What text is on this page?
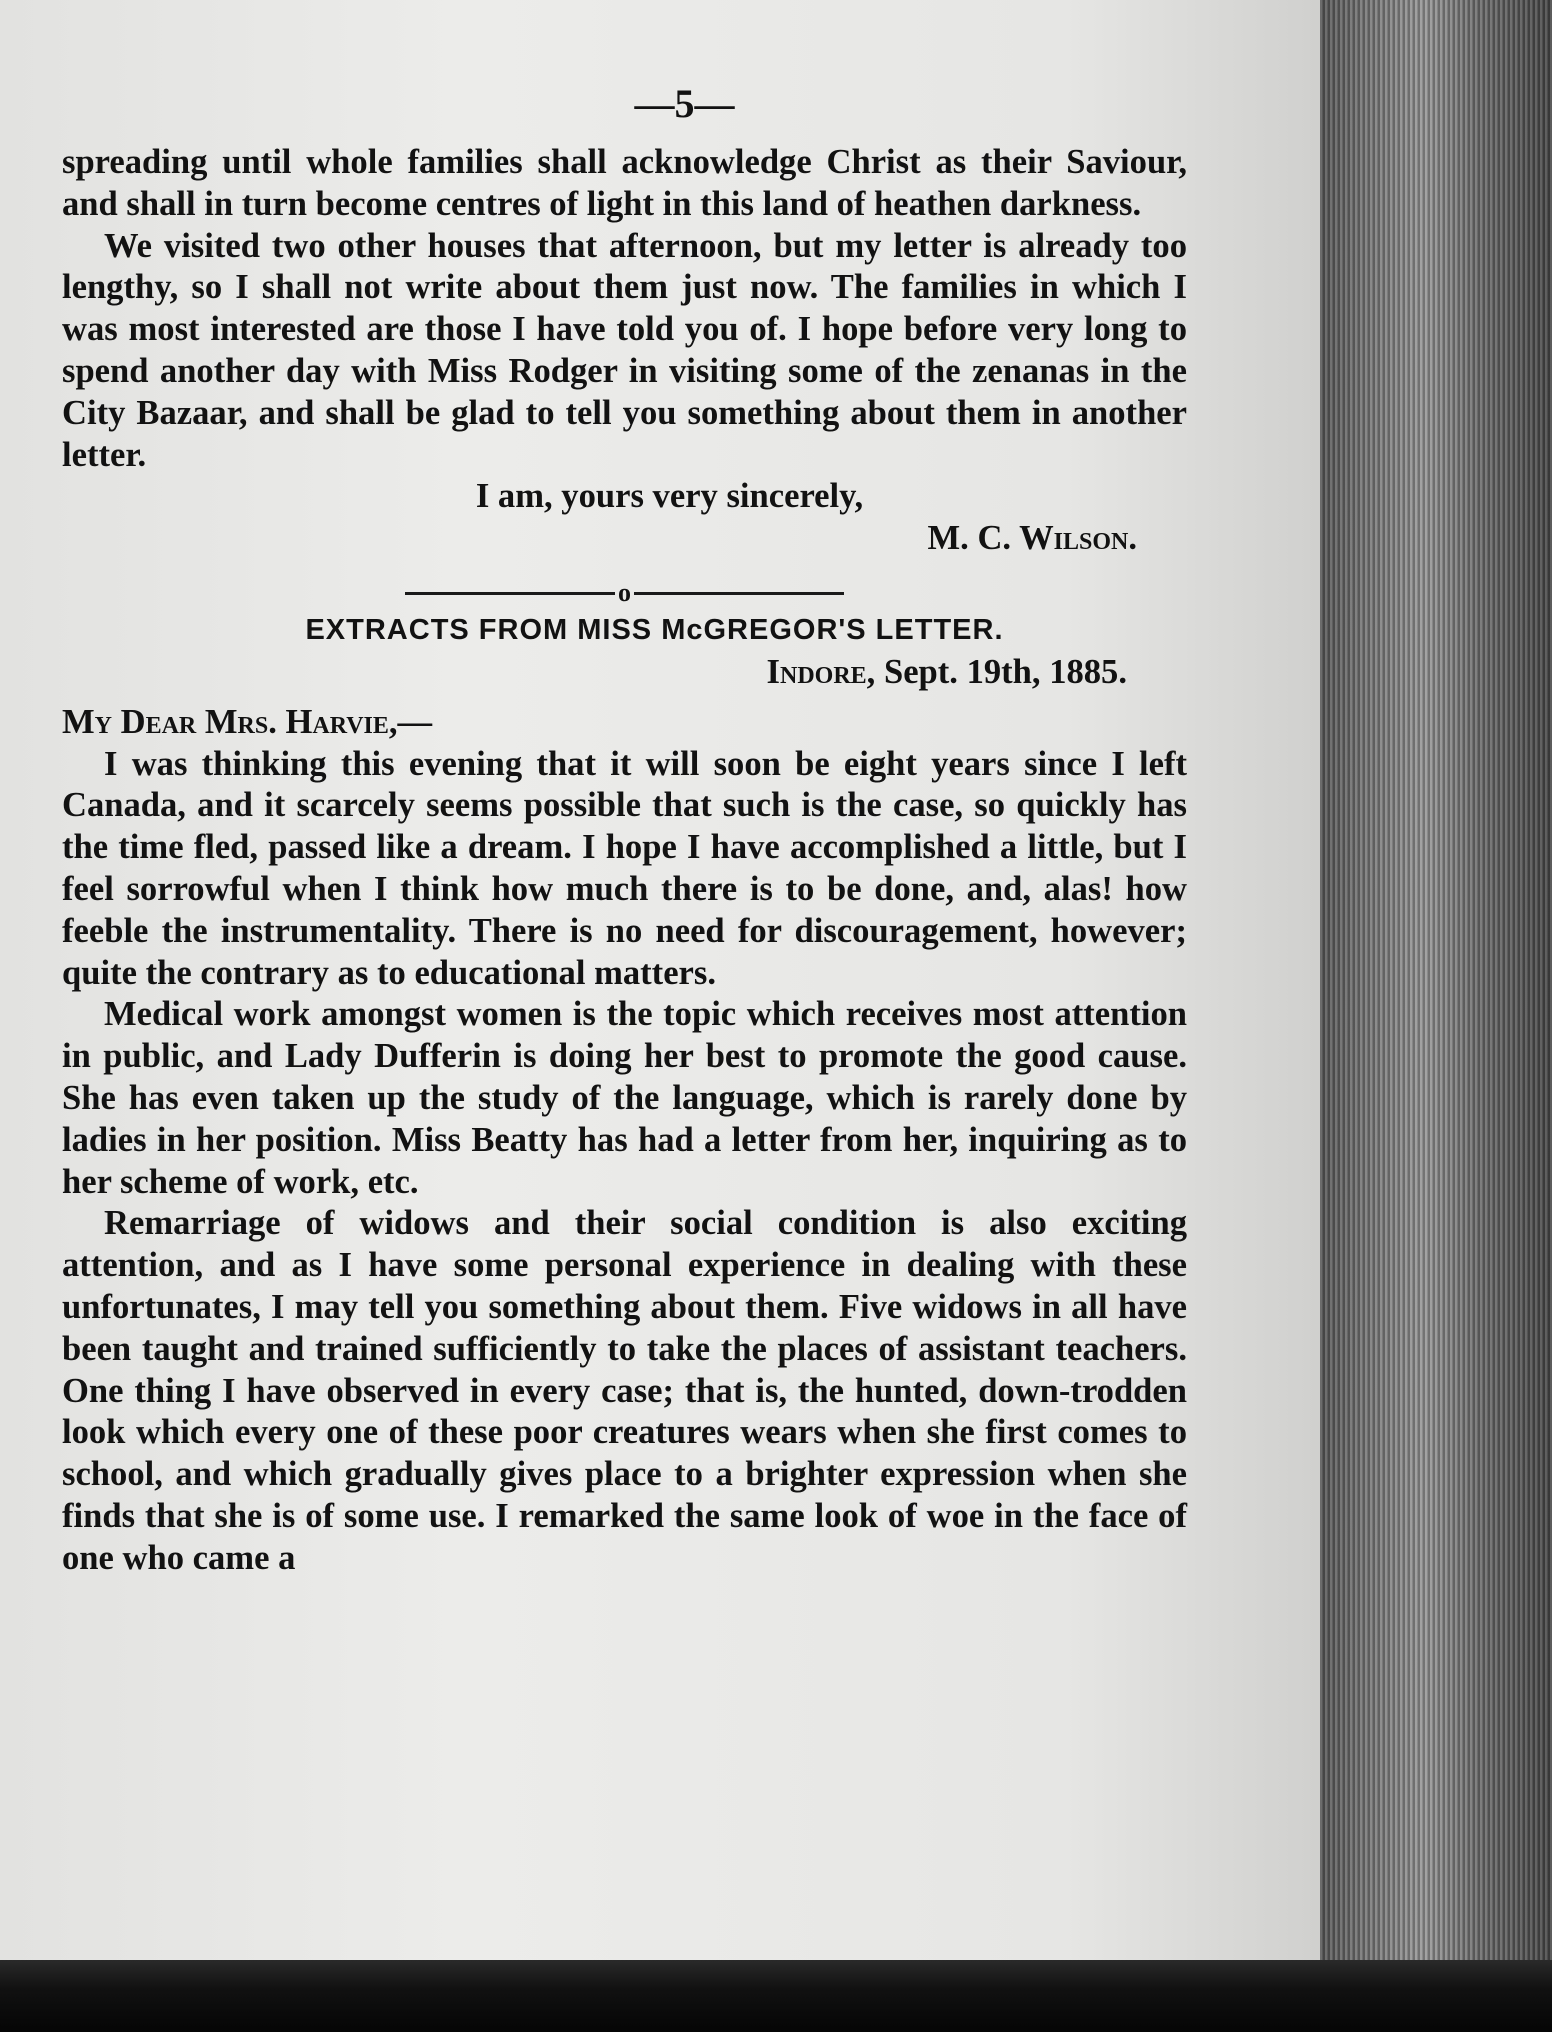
—5—

spreading until whole families shall acknowledge Christ as their Saviour, and shall in turn become centres of light in this land of heathen darkness.

We visited two other houses that afternoon, but my letter is already too lengthy, so I shall not write about them just now. The families in which I was most interested are those I have told you of. I hope before very long to spend another day with Miss Rodger in visiting some of the zenanas in the City Bazaar, and shall be glad to tell you something about them in another letter.

I am, yours very sincerely,

M. C. Wilson.

o
EXTRACTS FROM MISS McGREGOR'S LETTER.

Indore, Sept. 19th, 1885.

My Dear Mrs. Harvie,—

I was thinking this evening that it will soon be eight years since I left Canada, and it scarcely seems possible that such is the case, so quickly has the time fled, passed like a dream. I hope I have accomplished a little, but I feel sorrowful when I think how much there is to be done, and, alas! how feeble the instrumentality. There is no need for discouragement, however; quite the contrary as to educational matters.

Medical work amongst women is the topic which receives most attention in public, and Lady Dufferin is doing her best to promote the good cause. She has even taken up the study of the language, which is rarely done by ladies in her position. Miss Beatty has had a letter from her, inquiring as to her scheme of work, etc.

Remarriage of widows and their social condition is also exciting attention, and as I have some personal experience in dealing with these unfortunates, I may tell you something about them. Five widows in all have been taught and trained sufficiently to take the places of assistant teachers. One thing I have observed in every case; that is, the hunted, down-trodden look which every one of these poor creatures wears when she first comes to school, and which gradually gives place to a brighter expression when she finds that she is of some use. I remarked the same look of woe in the face of one who came a
